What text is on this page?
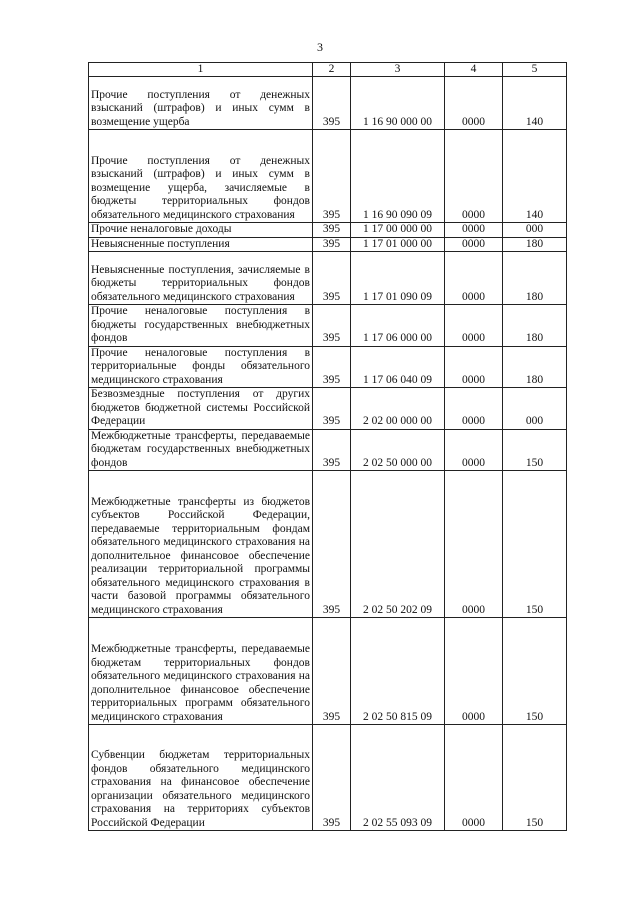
3
1	2	3	4	5
Прочие поступления от денежных взысканий (штрафов) и иных сумм в возмещение ущерба	395	1 16 90 000 00	0000	140
Прочие поступления от денежных взысканий (штрафов) и иных сумм в возмещение ущерба, зачисляемые в бюджеты территориальных фондов обязательного медицинского страхования	395	1 16 90 090 09	0000	140
Прочие неналоговые доходы	395	1 17 00 000 00	0000	000
Невыясненные поступления	395	1 17 01 000 00	0000	180
Невыясненные поступления, зачисляемые в бюджеты территориальных фондов обязательного медицинского страхования	395	1 17 01 090 09	0000	180
Прочие неналоговые поступления в бюджеты государственных внебюджетных фондов	395	1 17 06 000 00	0000	180
Прочие неналоговые поступления в территориальные фонды обязательного медицинского страхования	395	1 17 06 040 09	0000	180
Безвозмездные поступления от других бюджетов бюджетной системы Российской Федерации	395	2 02 00 000 00	0000	000
Межбюджетные трансферты, передаваемые бюджетам государственных внебюджетных фондов	395	2 02 50 000 00	0000	150
Межбюджетные трансферты из бюджетов субъектов Российской Федерации, передаваемые территориальным фондам обязательного медицинского страхования на дополнительное финансовое обеспечение реализации территориальной программы обязательного медицинского страхования в части базовой программы обязательного медицинского страхования	395	2 02 50 202 09	0000	150
Межбюджетные трансферты, передаваемые бюджетам территориальных фондов обязательного медицинского страхования на дополнительное финансовое обеспечение территориальных программ обязательного медицинского страхования	395	2 02 50 815 09	0000	150
Субвенции бюджетам территориальных фондов обязательного медицинского страхования на финансовое обеспечение организации обязательного медицинского страхования на территориях субъектов Российской Федерации	395	2 02 55 093 09	0000	150
